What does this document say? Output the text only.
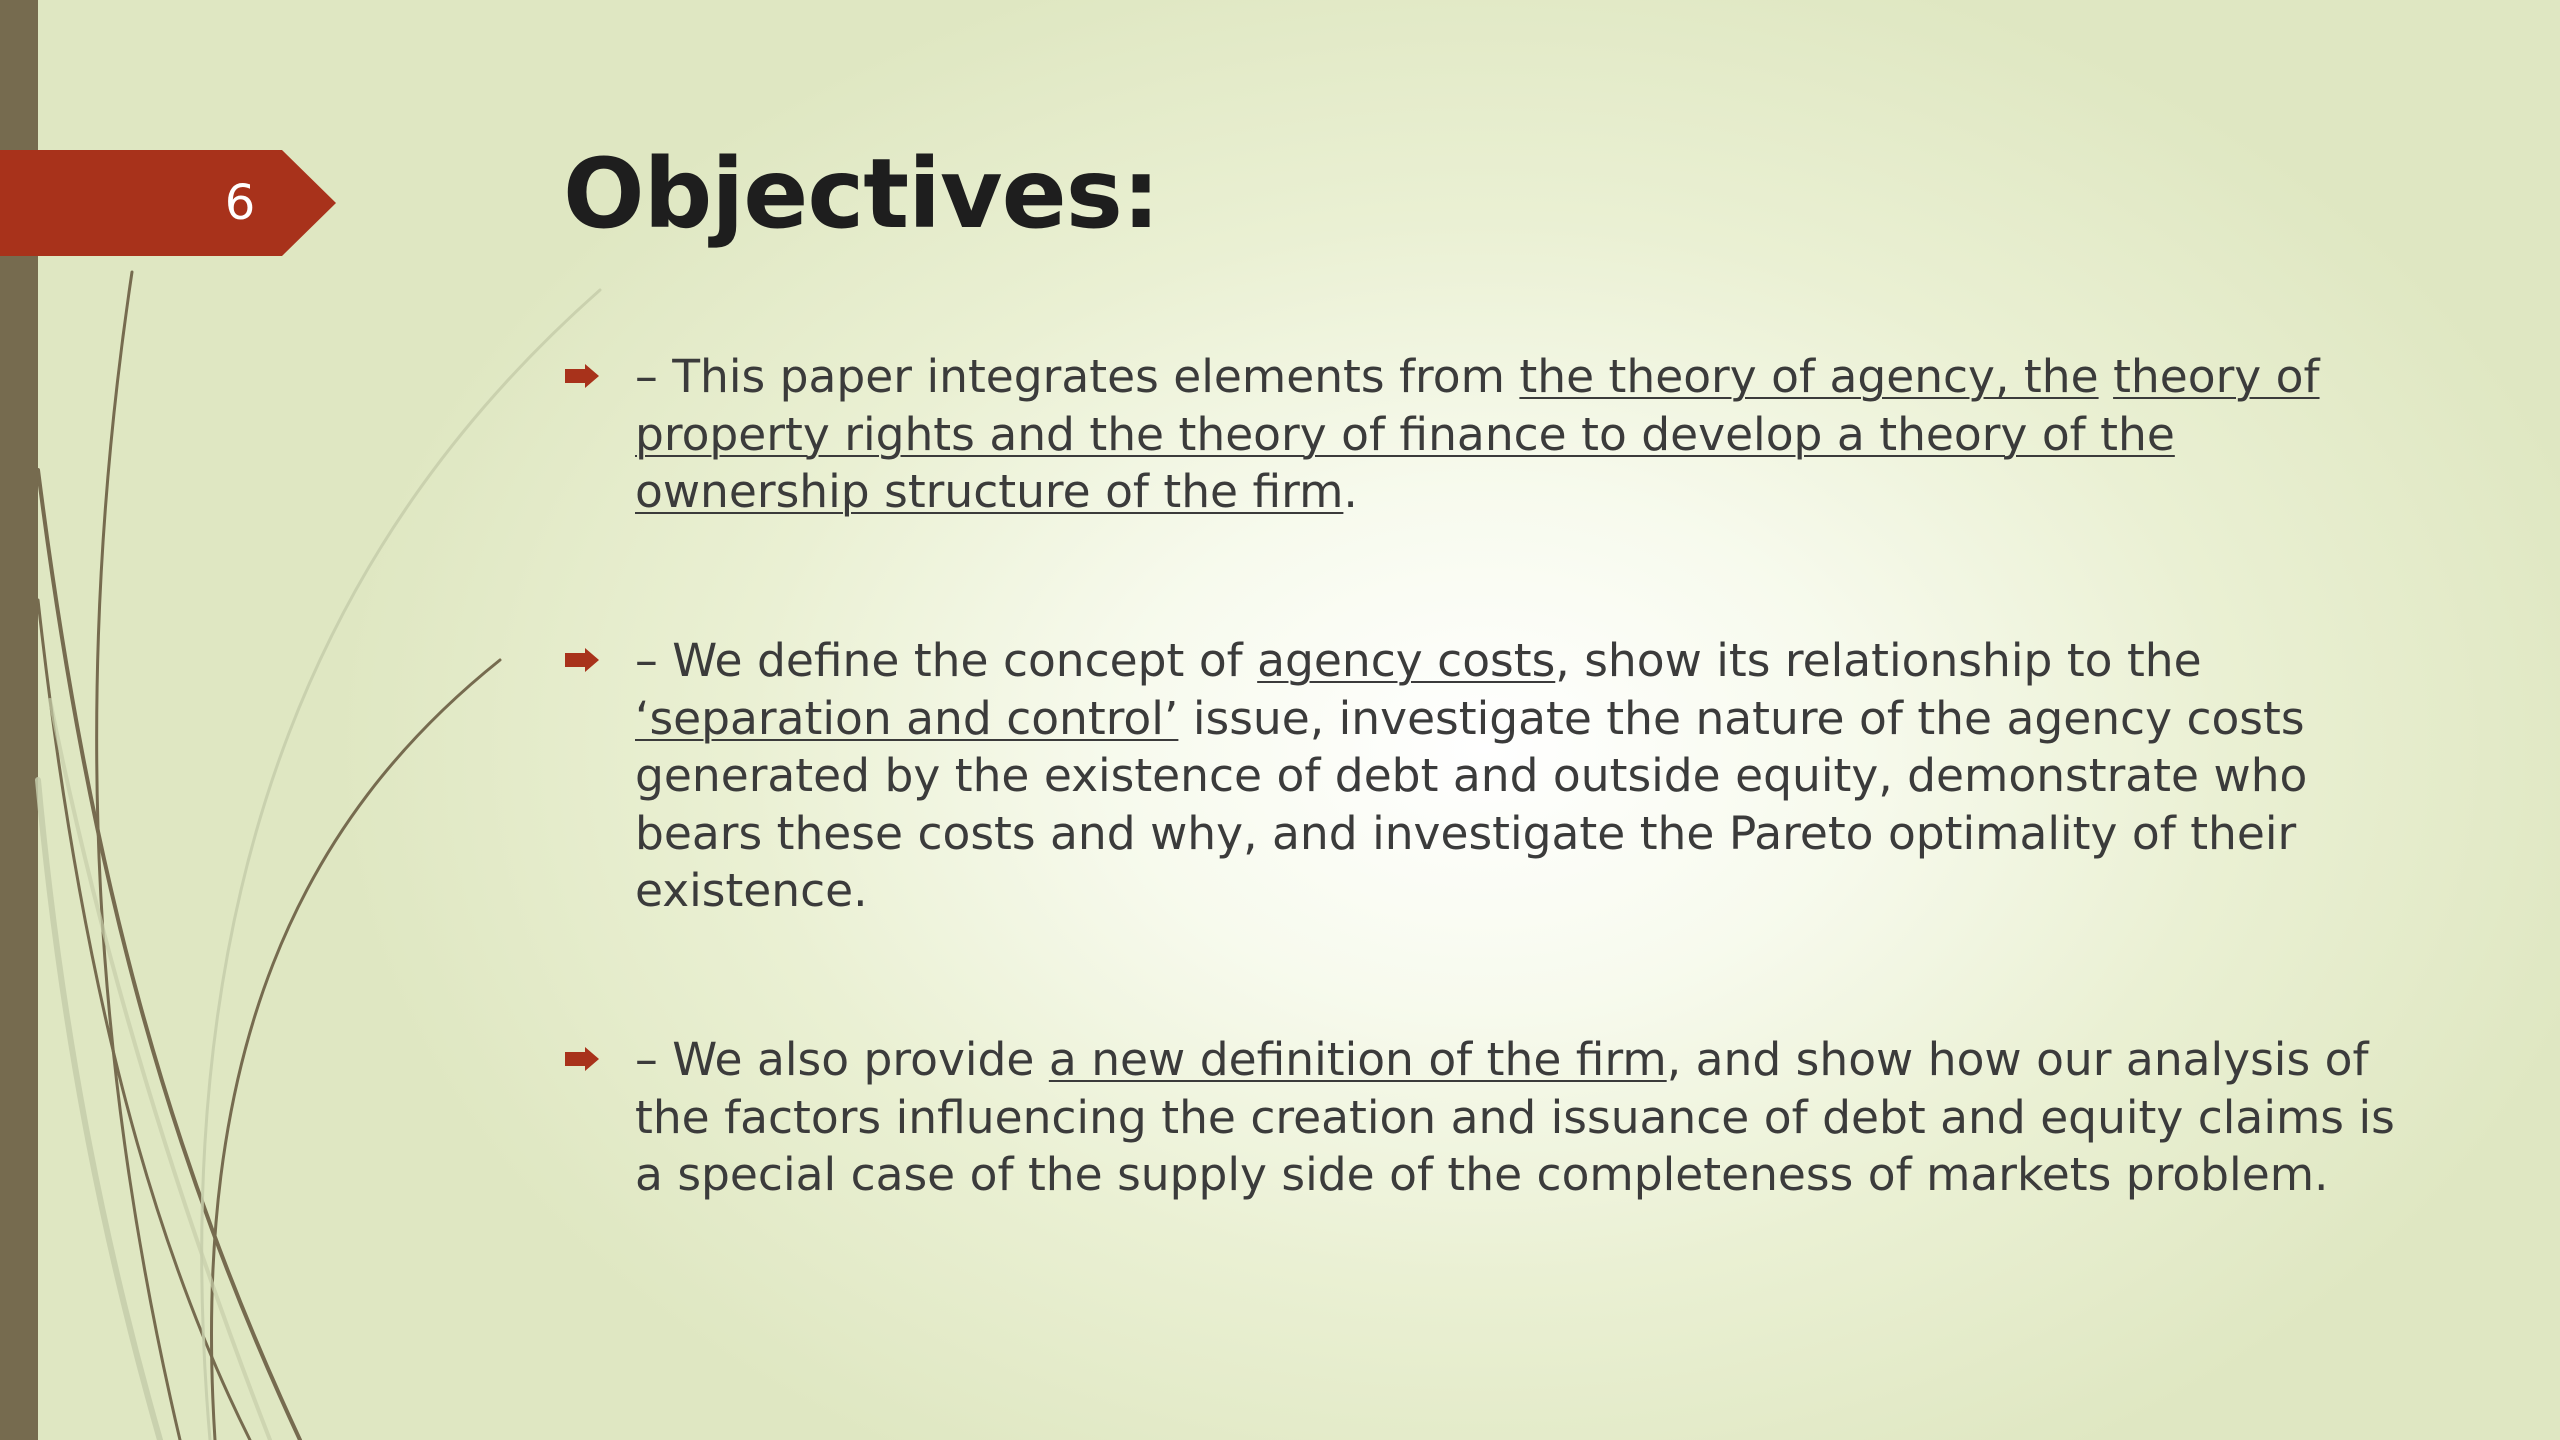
6	Objectives:
– This paper integrates elements from the theory of agency, the theory of property rights and the theory of finance to develop a theory of the ownership structure of the firm.
– We define the concept of agency costs, show its relationship to the ‘separation and control’ issue, investigate the nature of the agency costs generated by the existence of debt and outside equity, demonstrate who bears these costs and why, and investigate the Pareto optimality of their existence.
– We also provide a new definition of the firm, and show how our analysis of the factors influencing the creation and issuance of debt and equity claims is a special case of the supply side of the completeness of markets problem.
